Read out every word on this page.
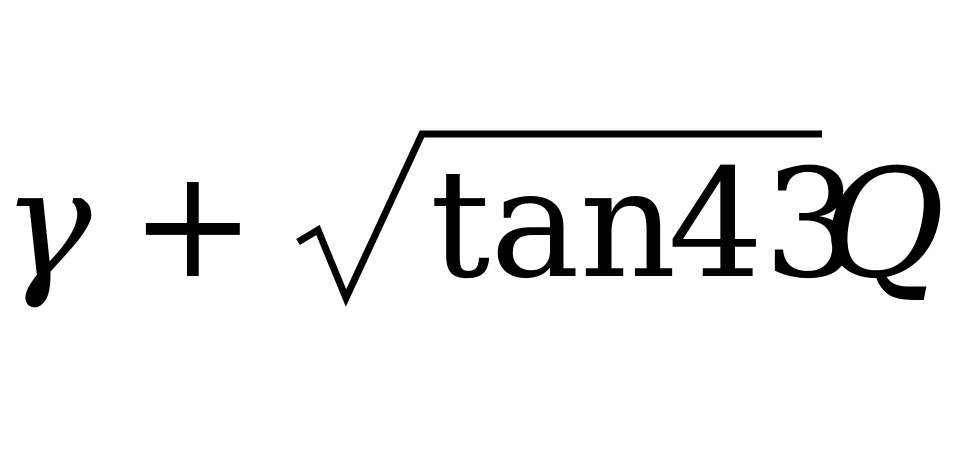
γ + tan
43
Q
